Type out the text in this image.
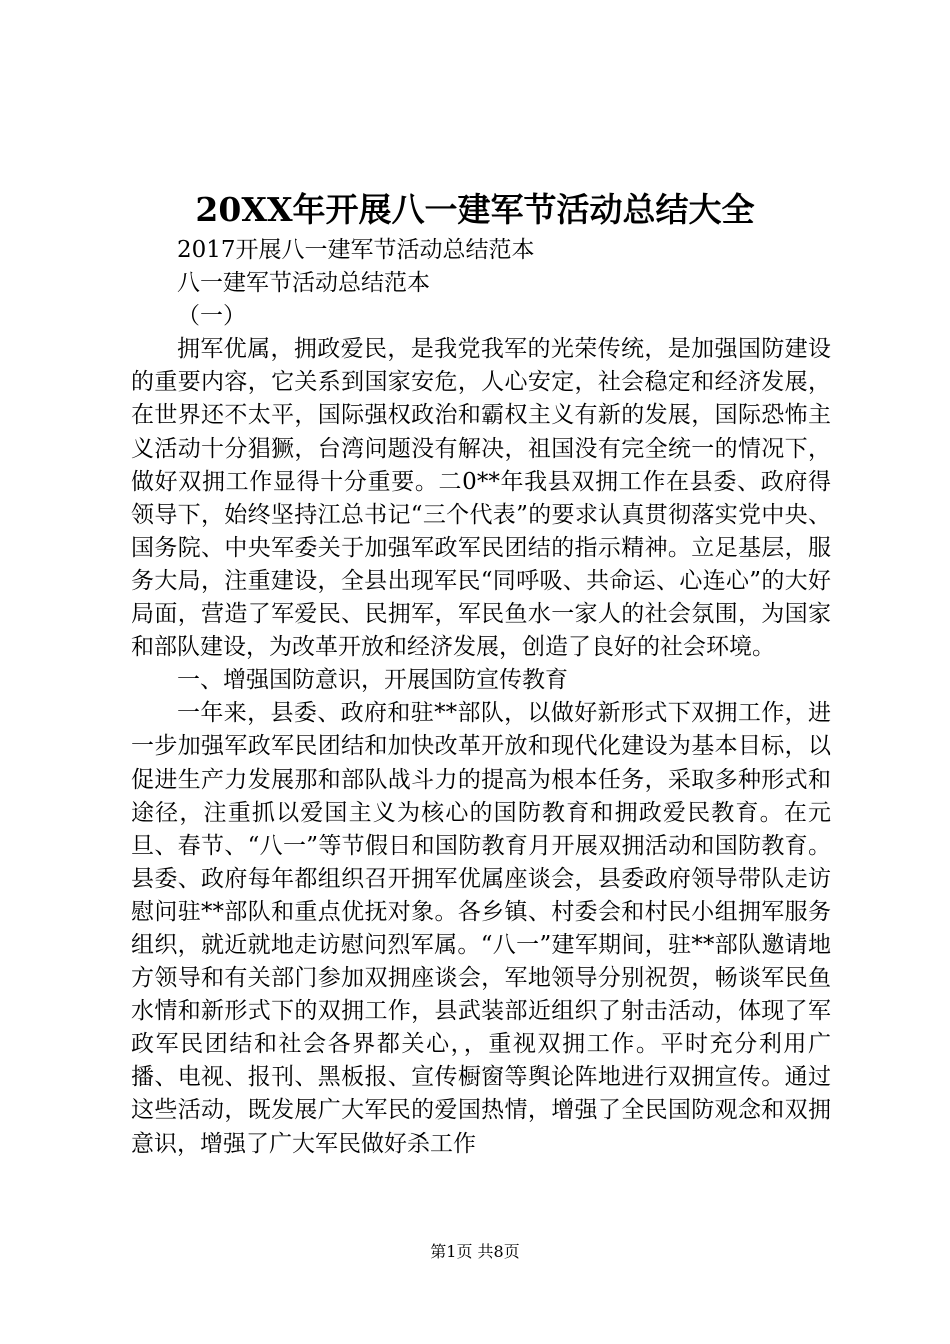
20XX年开展八一建军节活动总结大全

2017开展八一建军节活动总结范本

八一建军节活动总结范本

（一）

拥军优属，拥政爱民，是我党我军的光荣传统，是加强国防建设的重要内容，它关系到国家安危，人心安定，社会稳定和经济发展，在世界还不太平，国际强权政治和霸权主义有新的发展，国际恐怖主义活动十分猖獗，台湾问题没有解决，祖国没有完全统一的情况下，做好双拥工作显得十分重要。二0**年我县双拥工作在县委、政府得领导下，始终坚持江总书记“三个代表”的要求认真贯彻落实党中央、国务院、中央军委关于加强军政军民团结的指示精神。立足基层，服务大局，注重建设，全县出现军民“同呼吸、共命运、心连心”的大好局面，营造了军爱民、民拥军，军民鱼水一家人的社会氛围，为国家和部队建设，为改革开放和经济发展，创造了良好的社会环境。

一、增强国防意识，开展国防宣传教育

一年来，县委、政府和驻**部队，以做好新形式下双拥工作，进一步加强军政军民团结和加快改革开放和现代化建设为基本目标，以促进生产力发展那和部队战斗力的提高为根本任务，采取多种形式和途径，注重抓以爱国主义为核心的国防教育和拥政爱民教育。在元旦、春节、“八一”等节假日和国防教育月开展双拥活动和国防教育。县委、政府每年都组织召开拥军优属座谈会，县委政府领导带队走访慰问驻**部队和重点优抚对象。各乡镇、村委会和村民小组拥军服务组织，就近就地走访慰问烈军属。“八一”建军期间，驻**部队邀请地方领导和有关部门参加双拥座谈会，军地领导分别祝贺，畅谈军民鱼水情和新形式下的双拥工作，县武装部近组织了射击活动，体现了军政军民团结和社会各界都关心，，重视双拥工作。平时充分利用广播、电视、报刊、黑板报、宣传橱窗等舆论阵地进行双拥宣传。通过这些活动，既发展广大军民的爱国热情，增强了全民国防观念和双拥意识，增强了广大军民做好杀工作

第1页 共8页
